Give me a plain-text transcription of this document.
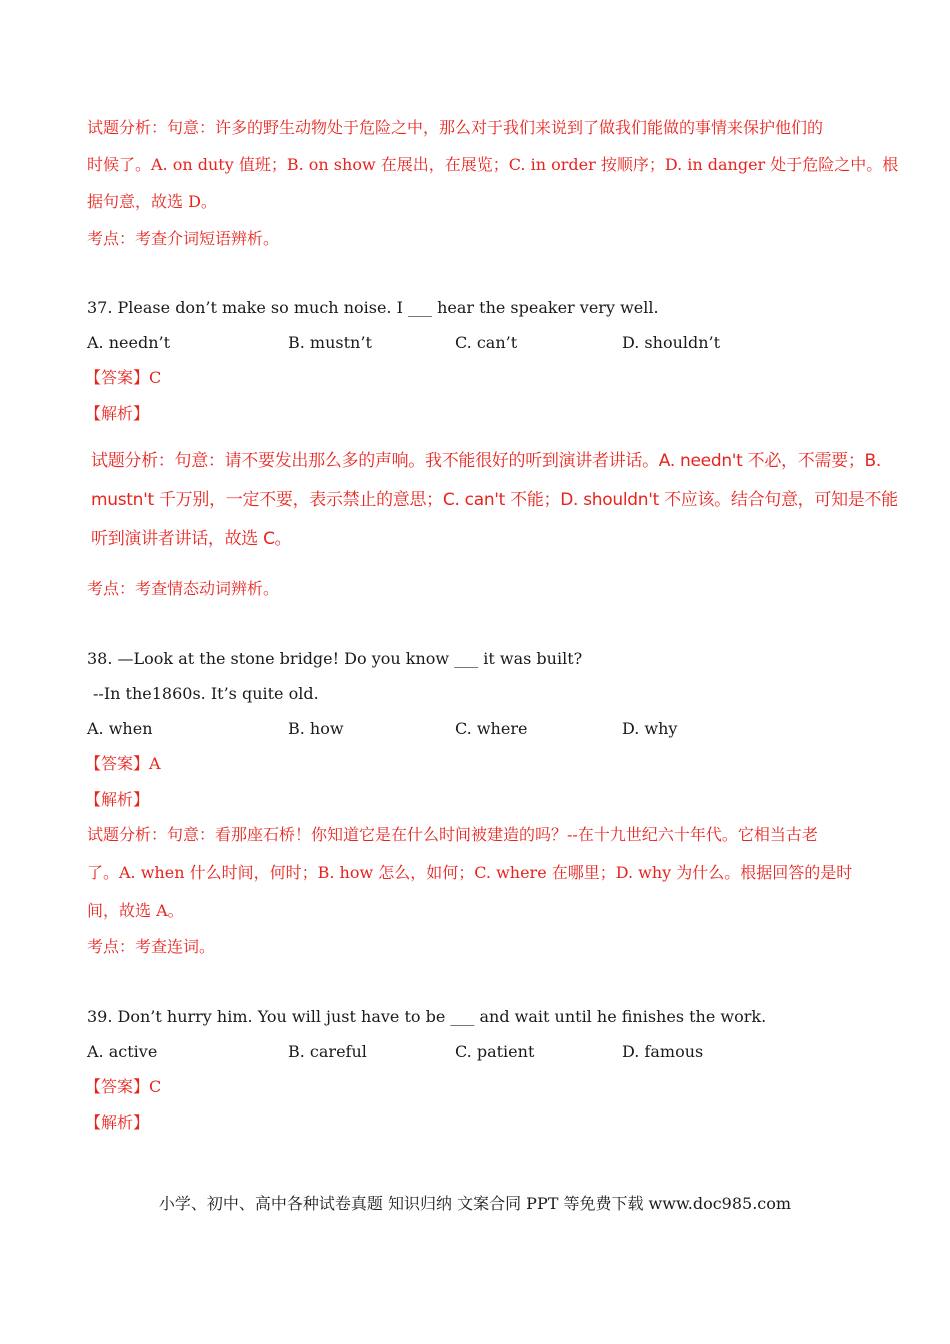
试题分析：句意：许多的野生动物处于危险之中，那么对于我们来说到了做我们能做的事情来保护他们的
时候了。A. on duty 值班；B. on show 在展出，在展览；C. in order 按顺序；D. in danger 处于危险之中。根
据句意，故选 D。
考点：考查介词短语辨析。
37. Please don’t make so much noise. I ___ hear the speaker very well.
A. needn’t	B. mustn’t	C. can’t	D. shouldn’t
【答案】C
【解析】
试题分析：句意：请不要发出那么多的声响。我不能很好的听到演讲者讲话。A. needn't 不必，不需要；B.
mustn't 千万别，一定不要，表示禁止的意思；C. can't 不能；D. shouldn't 不应该。结合句意，可知是不能
听到演讲者讲话，故选 C。
考点：考查情态动词辨析。
38. —Look at the stone bridge! Do you know ___ it was built?
--In the1860s. It’s quite old.
A. when	B. how	C. where	D. why
【答案】A
【解析】
试题分析：句意：看那座石桥！你知道它是在什么时间被建造的吗？--在十九世纪六十年代。它相当古老
了。A. when 什么时间，何时；B. how 怎么，如何；C. where 在哪里；D. why 为什么。根据回答的是时
间，故选 A。
考点：考查连词。
39. Don’t hurry him. You will just have to be ___ and wait until he finishes the work.
A. active	B. careful	C. patient	D. famous
【答案】C
【解析】
小学、初中、高中各种试卷真题 知识归纳 文案合同 PPT 等免费下载 www.doc985.com
